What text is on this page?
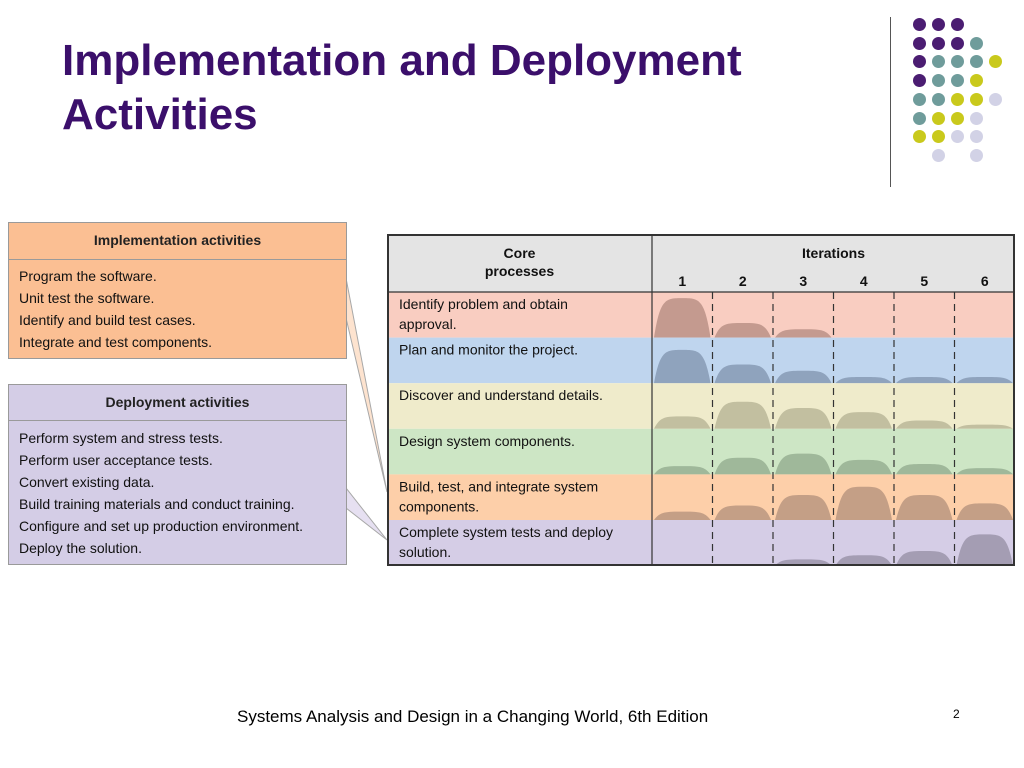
Implementation and Deployment
Activities
Implementation activities
Program the software.
Unit test the software.
Identify and build test cases.
Integrate and test components.
Deployment activities
Perform system and stress tests.
Perform user acceptance tests.
Convert existing data.
Build training materials and conduct training.
Configure and set up production environment.
Deploy the solution.
Core
processes
Iterations
1	2	3	4	5	6
Identify problem and obtain
approval.
Plan and monitor the project.
Discover and understand details.
Design system components.
Build, test, and integrate system
components.
Complete system tests and deploy
solution.

Systems Analysis and Design in a Changing World, 6th Edition	2
